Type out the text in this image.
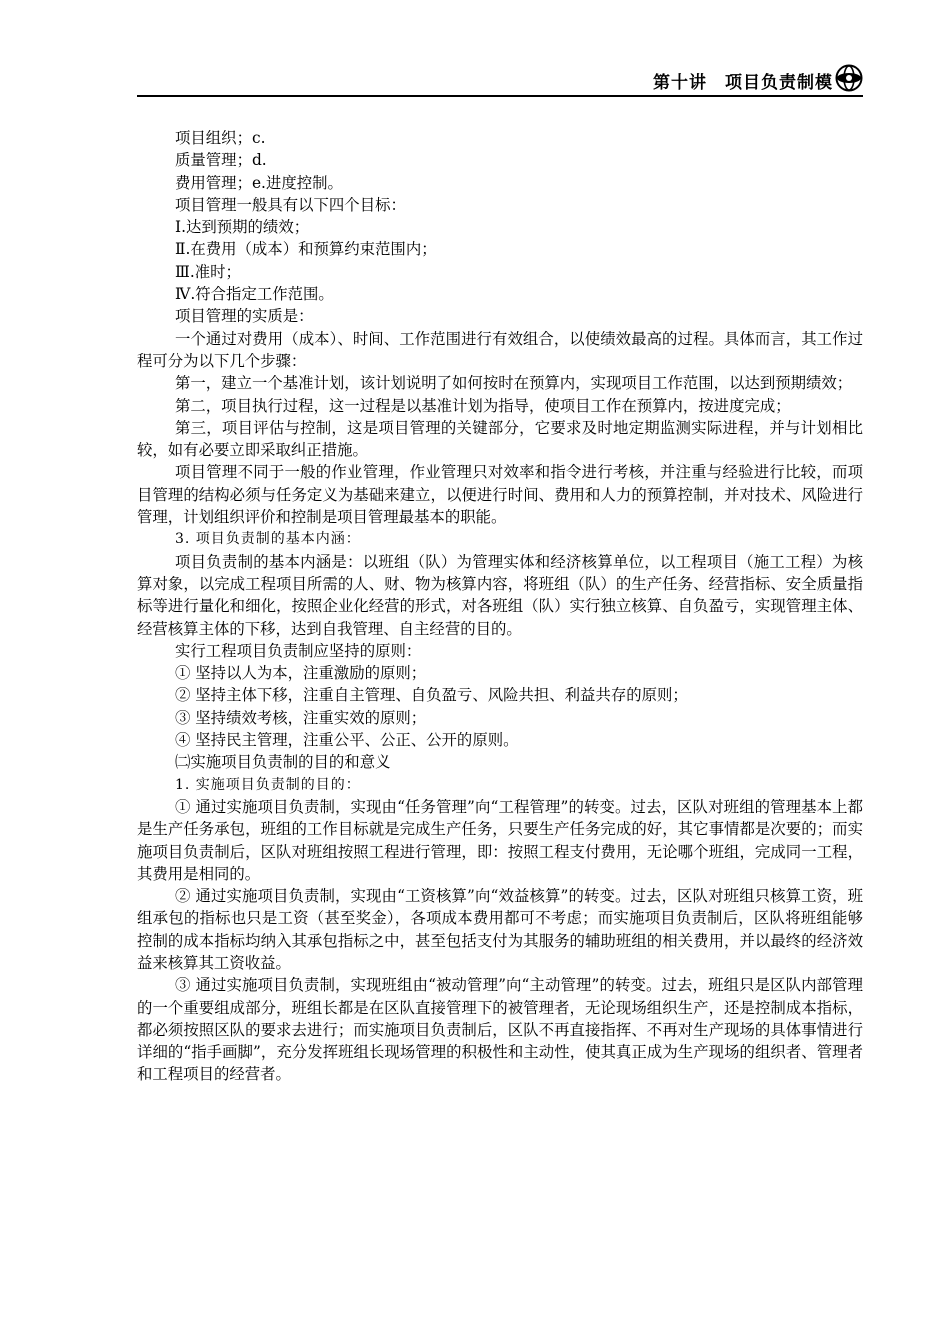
第十讲　项目负责制模

项目组织；c.

质量管理；d.

费用管理；e.进度控制。

项目管理一般具有以下四个目标：

Ⅰ.达到预期的绩效；

Ⅱ.在费用（成本）和预算约束范围内；

Ⅲ.准时；

Ⅳ.符合指定工作范围。

项目管理的实质是：

一个通过对费用（成本）、时间、工作范围进行有效组合，以使绩效最高的过程。具体而言，其工作过程可分为以下几个步骤：

第一，建立一个基准计划，该计划说明了如何按时在预算内，实现项目工作范围，以达到预期绩效；

第二，项目执行过程，这一过程是以基准计划为指导，使项目工作在预算内，按进度完成；

第三，项目评估与控制，这是项目管理的关键部分，它要求及时地定期监测实际进程，并与计划相比较，如有必要立即采取纠正措施。

项目管理不同于一般的作业管理，作业管理只对效率和指令进行考核，并注重与经验进行比较，而项目管理的结构必须与任务定义为基础来建立，以便进行时间、费用和人力的预算控制，并对技术、风险进行管理，计划组织评价和控制是项目管理最基本的职能。

3. 项目负责制的基本内涵：

项目负责制的基本内涵是：以班组（队）为管理实体和经济核算单位，以工程项目（施工工程）为核算对象，以完成工程项目所需的人、财、物为核算内容，将班组（队）的生产任务、经营指标、安全质量指标等进行量化和细化，按照企业化经营的形式，对各班组（队）实行独立核算、自负盈亏，实现管理主体、经营核算主体的下移，达到自我管理、自主经营的目的。

实行工程项目负责制应坚持的原则：

① 坚持以人为本，注重激励的原则；

② 坚持主体下移，注重自主管理、自负盈亏、风险共担、利益共存的原则；

③ 坚持绩效考核，注重实效的原则；

④ 坚持民主管理，注重公平、公正、公开的原则。

㈡实施项目负责制的目的和意义

1. 实施项目负责制的目的：

① 通过实施项目负责制，实现由“任务管理”向“工程管理”的转变。过去，区队对班组的管理基本上都是生产任务承包，班组的工作目标就是完成生产任务，只要生产任务完成的好，其它事情都是次要的；而实施项目负责制后，区队对班组按照工程进行管理，即：按照工程支付费用，无论哪个班组，完成同一工程，其费用是相同的。

② 通过实施项目负责制，实现由“工资核算”向“效益核算”的转变。过去，区队对班组只核算工资，班组承包的指标也只是工资（甚至奖金），各项成本费用都可不考虑；而实施项目负责制后，区队将班组能够控制的成本指标均纳入其承包指标之中，甚至包括支付为其服务的辅助班组的相关费用，并以最终的经济效益来核算其工资收益。

③ 通过实施项目负责制，实现班组由“被动管理”向“主动管理”的转变。过去，班组只是区队内部管理的一个重要组成部分，班组长都是在区队直接管理下的被管理者，无论现场组织生产，还是控制成本指标，都必须按照区队的要求去进行；而实施项目负责制后，区队不再直接指挥、不再对生产现场的具体事情进行详细的“指手画脚”，充分发挥班组长现场管理的积极性和主动性，使其真正成为生产现场的组织者、管理者和工程项目的经营者。
